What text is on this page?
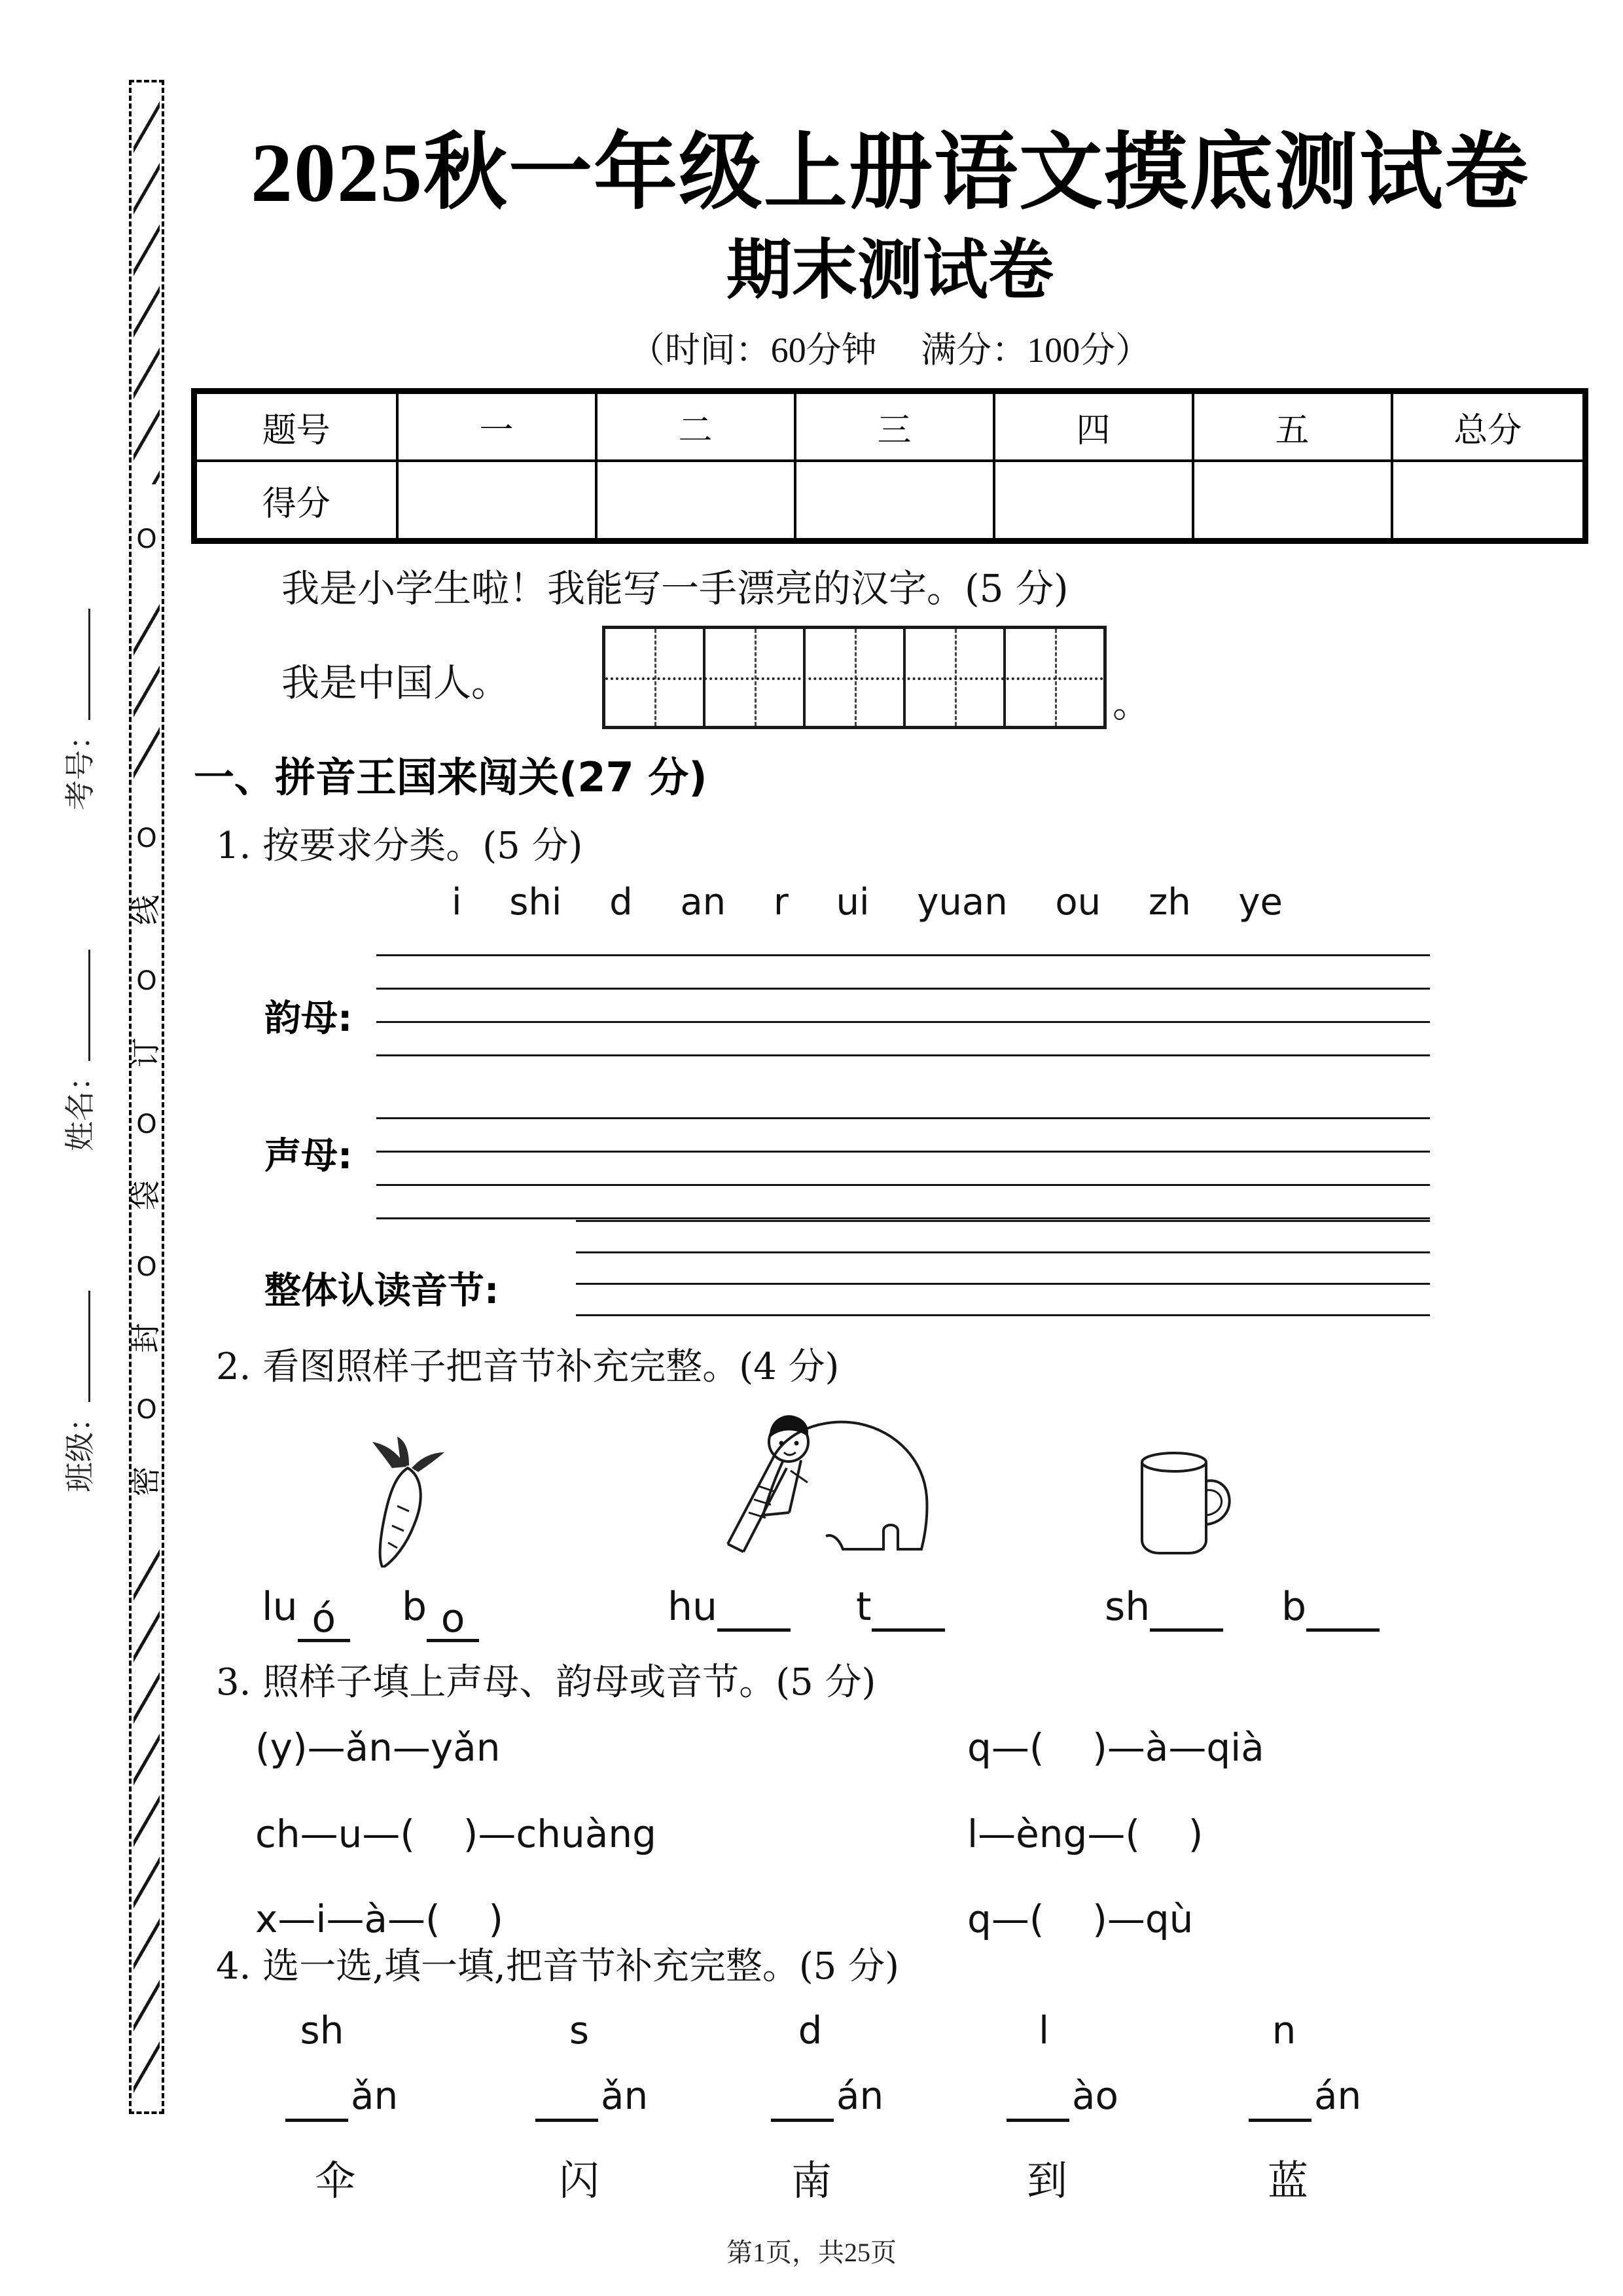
班级：
姓名：
考号：
O
O
线
O
订
O
袋
O
封
O
密
2025秋一年级上册语文摸底测试卷
期末测试卷
（时间：60分钟     满分：100分）
题号	一	二	三	四	五	总分
得分						
我是小学生啦！我能写一手漂亮的汉字。(5 分)
我是中国人。	。
一、拼音王国来闯关(27 分)
1. 按要求分类。(5 分)
i shi d an r ui yuan ou zh ye
韵母:
声母:
整体认读音节:
2. 看图照样子把音节补充完整。(4 分)
lu ó	b o	hu	t	sh	b
3. 照样子填上声母、韵母或音节。(5 分)
(y)—ǎn—yǎn	q—(    )—à—qià
ch—u—(    )—chuàng	l—èng—(    )
x—i—à—(    )	q—(    )—qù
4. 选一选,填一填,把音节补充完整。(5 分)
sh	s	d	l	n
ǎn	ǎn	án	ào	án
伞	闪	南	到	蓝
第1页，共25页
